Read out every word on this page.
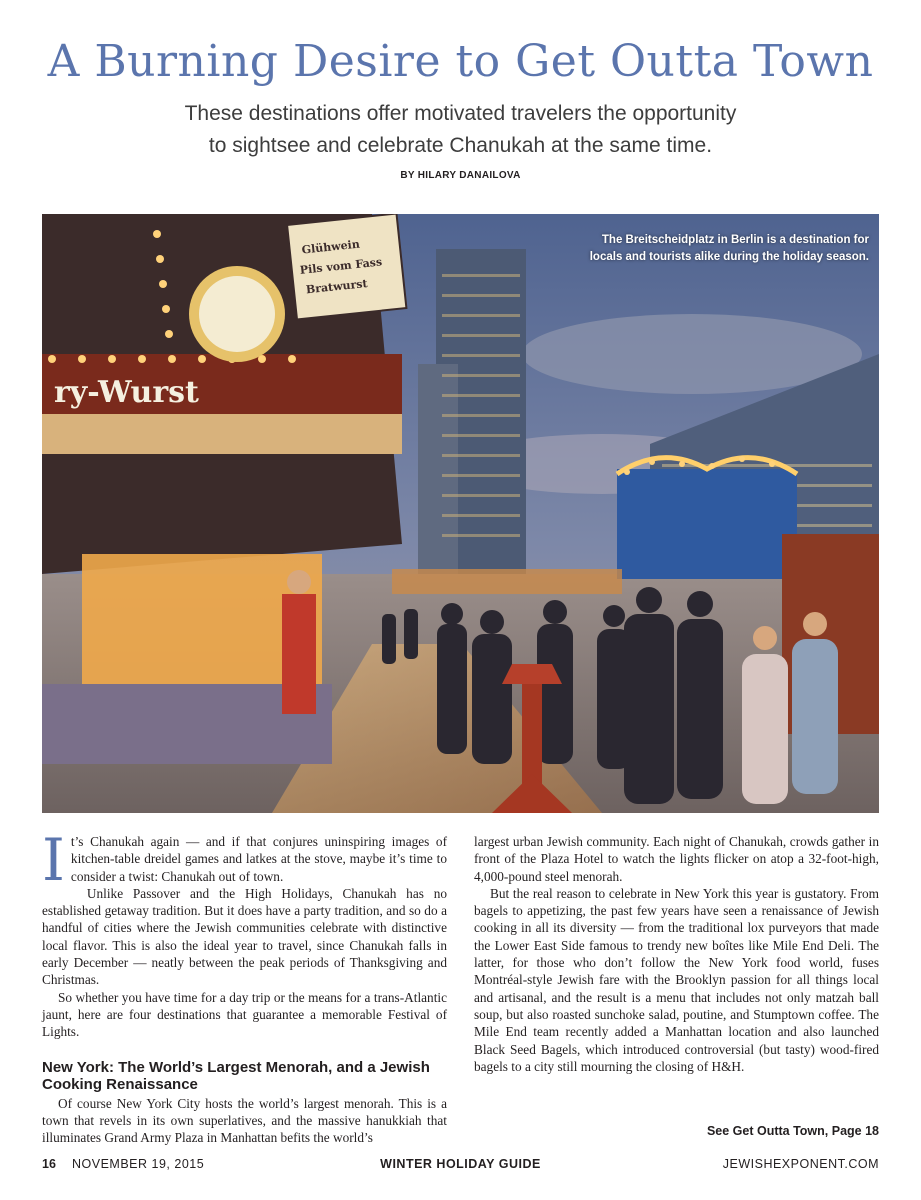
A Burning Desire to Get Outta Town
These destinations offer motivated travelers the opportunity
to sightsee and celebrate Chanukah at the same time.
BY HILARY DANAILOVA
ry-Wurst
Glühwein
Pils vom Fass
Bratwurst
The Breitscheidplatz in Berlin is a destination for
locals and tourists alike during the holiday season.

It’s Chanukah again — and if that conjures uninspiring images of kitchen-table dreidel games and latkes at the stove, maybe it’s time to consider a twist: Chanukah out of town.

Unlike Passover and the High Holidays, Chanukah has no established getaway tradition. But it does have a party tradition, and so do a handful of cities where the Jewish communities celebrate with distinctive local flavor. This is also the ideal year to travel, since Chanukah falls in early December — neatly between the peak periods of Thanksgiving and Christmas.

So whether you have time for a day trip or the means for a trans-Atlantic jaunt, here are four destinations that guarantee a memorable Festival of Lights.

New York: The World’s Largest Menorah, and a Jewish Cooking Renaissance

Of course New York City hosts the world’s largest menorah. This is a town that revels in its own superlatives, and the massive hanukkiah that illuminates Grand Army Plaza in Manhattan befits the world’s

largest urban Jewish community. Each night of Chanukah, crowds gather in front of the Plaza Hotel to watch the lights flicker on atop a 32-foot-high, 4,000-pound steel menorah.

But the real reason to celebrate in New York this year is gustatory. From bagels to appetizing, the past few years have seen a renaissance of Jewish cooking in all its diversity — from the traditional lox purveyors that made the Lower East Side famous to trendy new boîtes like Mile End Deli. The latter, for those who don’t follow the New York food world, fuses Montréal-style Jewish fare with the Brooklyn passion for all things local and artisanal, and the result is a menu that includes not only matzah ball soup, but also roasted sunchoke salad, poutine, and Stumptown coffee. The Mile End team recently added a Manhattan location and also launched Black Seed Bagels, which introduced controversial (but tasty) wood-fired bagels to a city still mourning the closing of H&H.

See Get Outta Town, Page 18
16 NOVEMBER 19, 2015	WINTER HOLIDAY GUIDE	JEWISHEXPONENT.COM
